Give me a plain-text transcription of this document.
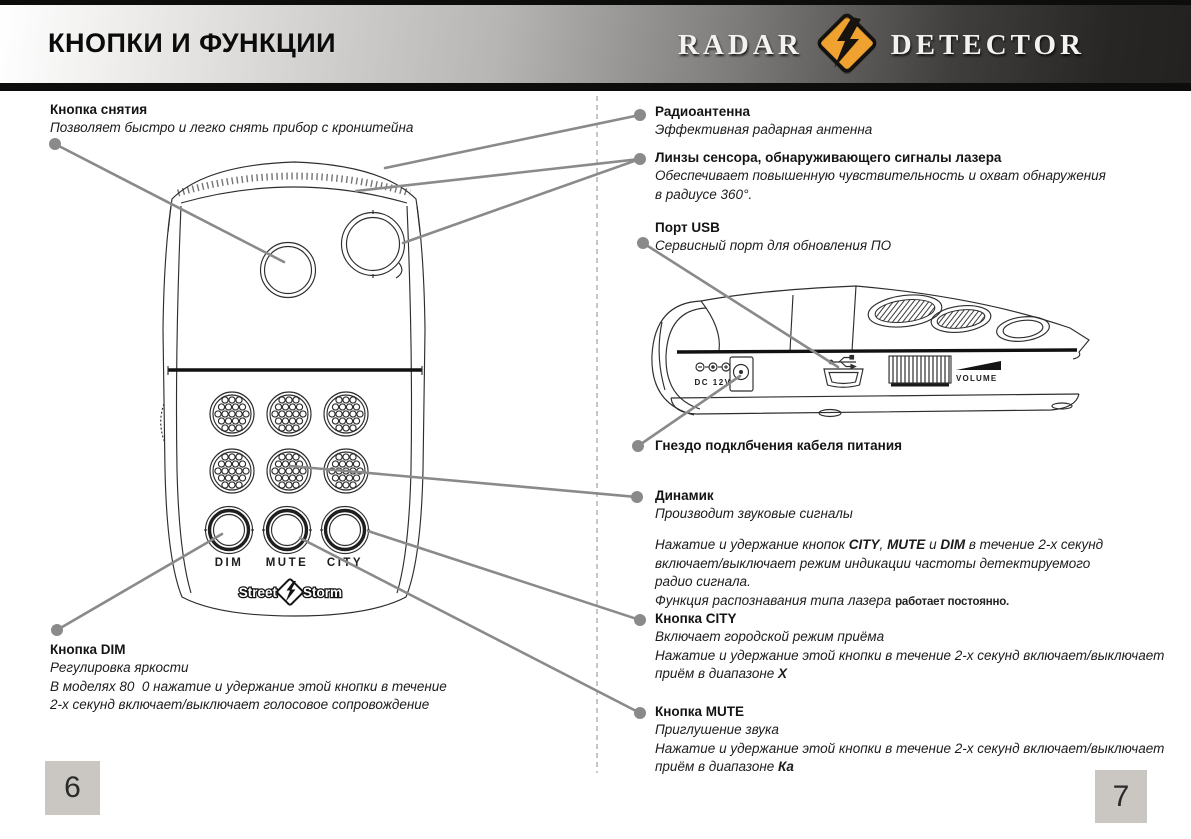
КНОПКИ И ФУНКЦИИ	RADAR	DETECTOR
DIM MUTE CITY
Street Storm
DC 12V	VOLUME
Кнопка снятия
Позволяет быстро и легко снять прибор с кронштейна
Радиоантенна
Эффективная радарная антенна
Линзы сенсора, обнаруживающего сигналы лазера
Обеспечивает повышенную чувствительность и охват обнаружения
в радиусе 360°.
Порт USB
Сервисный порт для обновления ПО
Гнездо подклбчения кабеля питания
Динамик
Производит звуковые сигналы
Нажатие и удержание кнопок CITY, MUTE и DIM в течение 2-х секунд
включает/выключает режим индикации частоты детектируемого
радио сигнала.
Функция распознавания типа лазера работает постоянно.
Кнопка CITY
Включает городской режим приёма
Нажатие и удержание этой кнопки в течение 2-х секунд включает/выключает
приём в диапазоне X
Кнопка MUTE
Приглушение звука
Нажатие и удержание этой кнопки в течение 2-х секунд включает/выключает
приём в диапазоне Ка
Кнопка DIM
Регулировка яркости
В моделях 80  0 нажатие и удержание этой кнопки в течение
2-х секунд включает/выключает голосовое сопровождение
6	7
